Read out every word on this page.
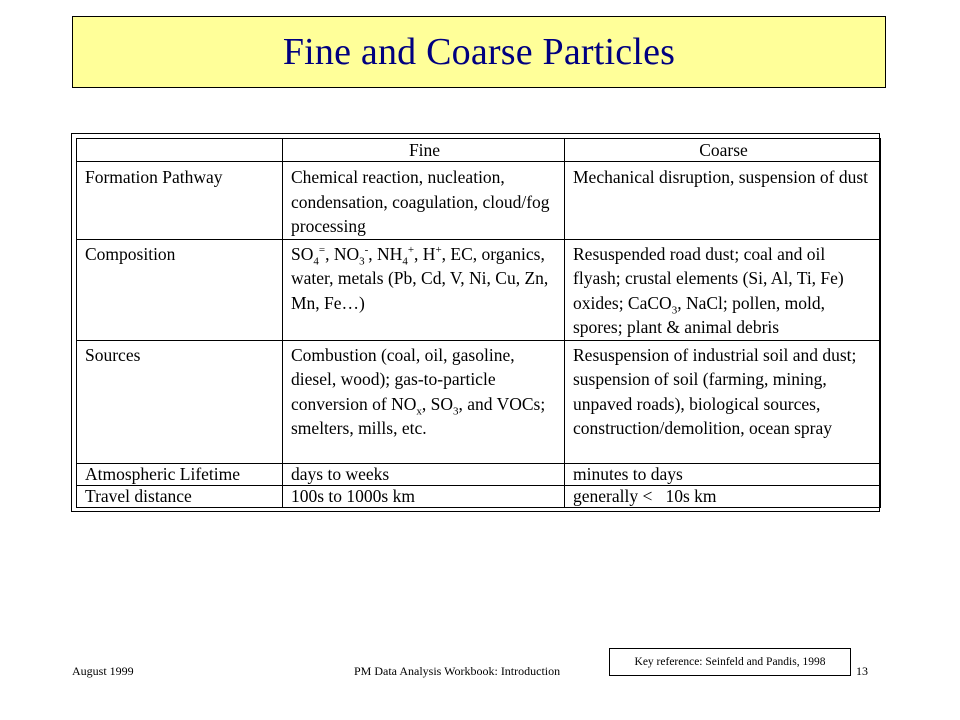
Fine and Coarse Particles
	Fine	Coarse
Formation Pathway	Chemical reaction, nucleation, condensation, coagulation, cloud/fog processing	Mechanical disruption, suspension of dust
Composition	$SO_4^=$, $NO_3^-$, $NH_4^+$, H+, EC, organics, water, metals (Pb, Cd, V, Ni, Cu, Zn, Mn, Fe…)	Resuspended road dust; coal and oil flyash; crustal elements (Si, Al, Ti, Fe) oxides; CaCO$_3$, NaCl; pollen, mold, spores; plant & animal debris
Sources	Combustion (coal, oil, gasoline, diesel, wood); gas-to-particle conversion of $NO_x$, $SO_3$, and VOCs; smelters, mills, etc.	Resuspension of industrial soil and dust; suspension of soil (farming, mining, unpaved roads), biological sources, construction/demolition, ocean spray
Atmospheric Lifetime	days to weeks	minutes to days
Travel distance	100s to 1000s km	generally <   10s km
Key reference: Seinfeld and Pandis, 1998
August 1999	PM Data Analysis Workbook: Introduction	13
